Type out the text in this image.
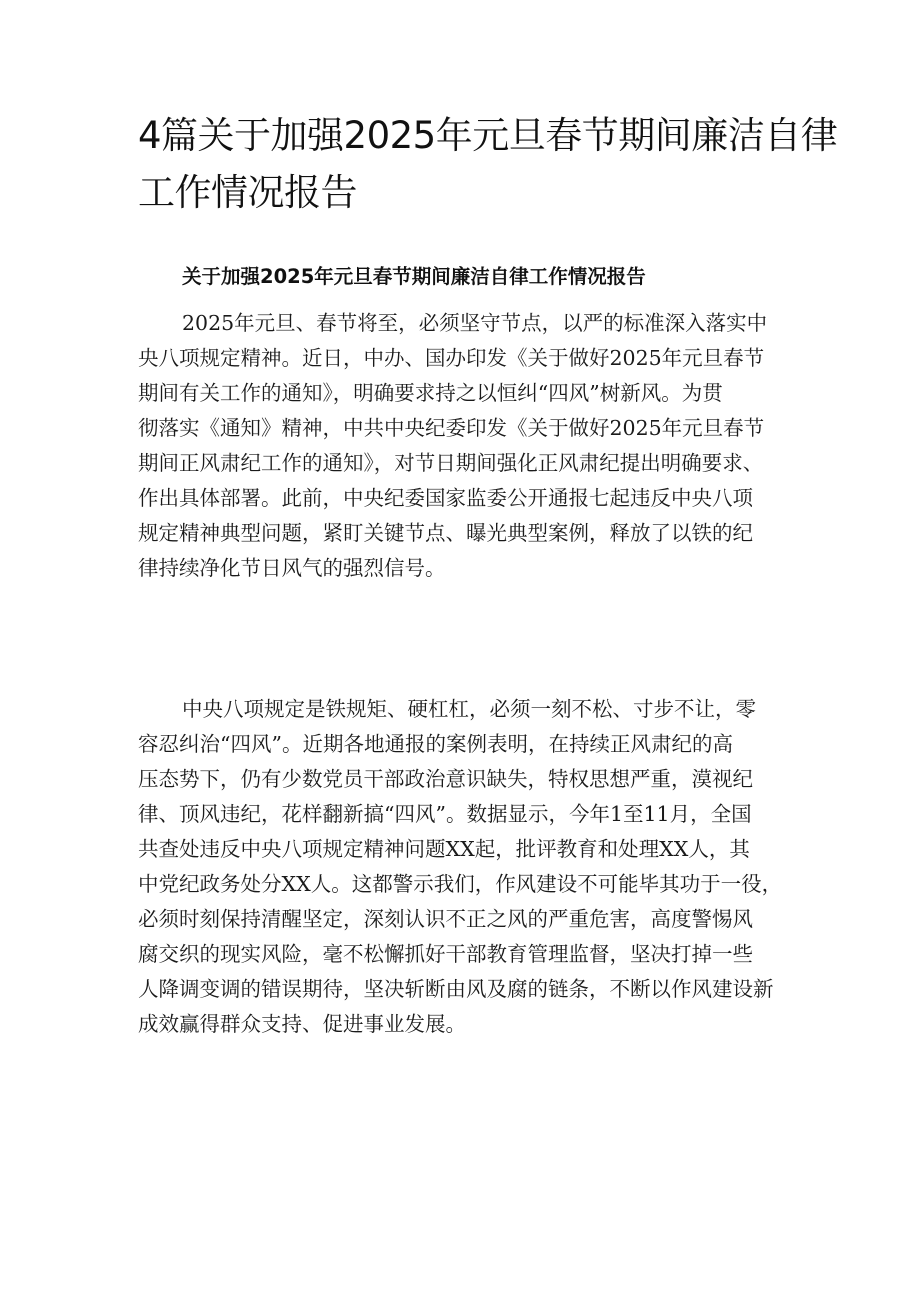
4篇关于加强2025年元旦春节期间廉洁自律
工作情况报告
关于加强2025年元旦春节期间廉洁自律工作情况报告
2025年元旦、春节将至，必须坚守节点，以严的标准深入落实中
央八项规定精神。近日，中办、国办印发《关于做好2025年元旦春节
期间有关工作的通知》，明确要求持之以恒纠“四风”树新风。为贯
彻落实《通知》精神，中共中央纪委印发《关于做好2025年元旦春节
期间正风肃纪工作的通知》，对节日期间强化正风肃纪提出明确要求、
作出具体部署。此前，中央纪委国家监委公开通报七起违反中央八项
规定精神典型问题，紧盯关键节点、曝光典型案例，释放了以铁的纪
律持续净化节日风气的强烈信号。
中央八项规定是铁规矩、硬杠杠，必须一刻不松、寸步不让，零
容忍纠治“四风”。近期各地通报的案例表明，在持续正风肃纪的高
压态势下，仍有少数党员干部政治意识缺失，特权思想严重，漠视纪
律、顶风违纪，花样翻新搞“四风”。数据显示，今年1至11月，全国
共查处违反中央八项规定精神问题XX起，批评教育和处理XX人，其
中党纪政务处分XX人。这都警示我们，作风建设不可能毕其功于一役，
必须时刻保持清醒坚定，深刻认识不正之风的严重危害，高度警惕风
腐交织的现实风险，毫不松懈抓好干部教育管理监督，坚决打掉一些
人降调变调的错误期待，坚决斩断由风及腐的链条，不断以作风建设新
成效赢得群众支持、促进事业发展。
